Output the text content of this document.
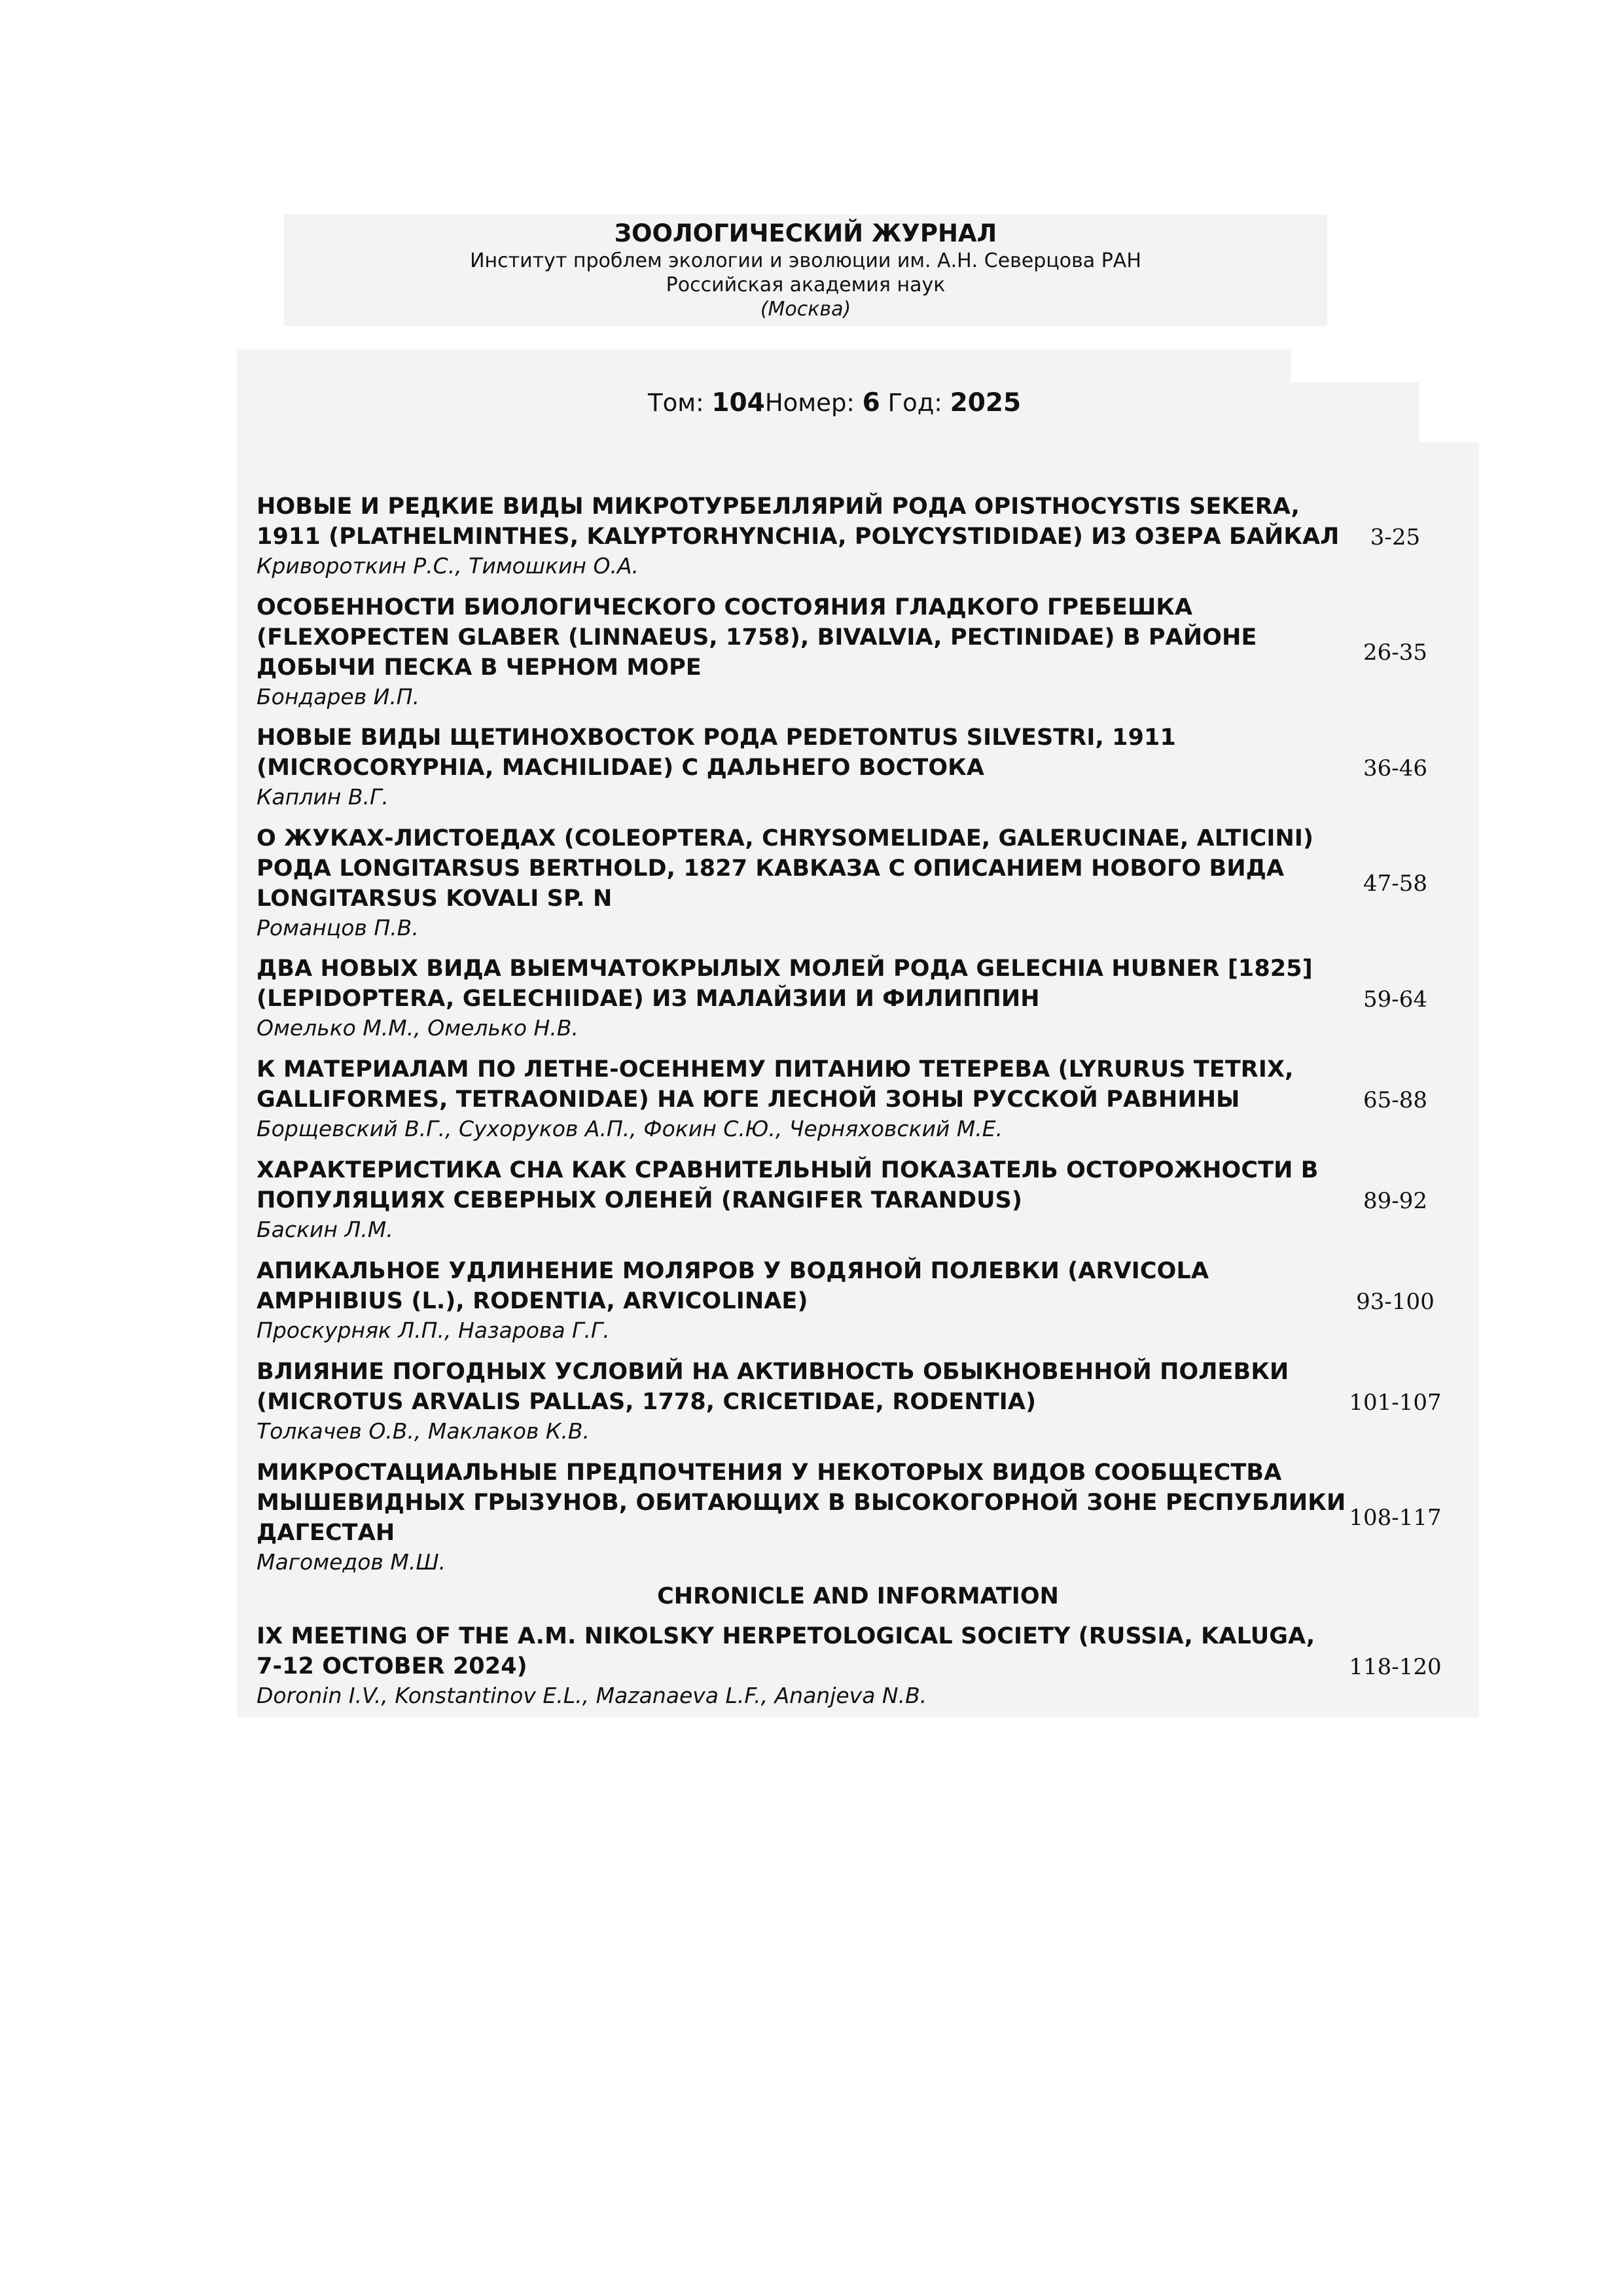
ЗООЛОГИЧЕСКИЙ ЖУРНАЛ
Институт проблем экологии и эволюции им. А.Н. Северцова РАН
Российская академия наук
(Москва)
Том: 104Номер: 6 Год: 2025
НОВЫЕ И РЕДКИЕ ВИДЫ МИКРОТУРБЕЛЛЯРИЙ РОДА OPISTHOCYSTIS SEKERA, 1911 (PLATHELMINTHES, KALYPTORHYNCHIA, POLYCYSTIDIDAE) ИЗ ОЗЕРА БАЙКАЛ
Кривороткин Р.С., Тимошкин О.А.
3-25
ОСОБЕННОСТИ БИОЛОГИЧЕСКОГО СОСТОЯНИЯ ГЛАДКОГО ГРЕБЕШКА (FLEXOPECTEN GLABER (LINNAEUS, 1758), BIVALVIA, PECTINIDAE) В РАЙОНЕ ДОБЫЧИ ПЕСКА В ЧЕРНОМ МОРЕ
Бондарев И.П.
26-35
НОВЫЕ ВИДЫ ЩЕТИНОХВОСТОК РОДА PEDETONTUS SILVESTRI, 1911 (MICROCORYPHIA, MACHILIDAE) С ДАЛЬНЕГО ВОСТОКА
Каплин В.Г.
36-46
О ЖУКАХ-ЛИСТОЕДАХ (COLEOPTERA, CHRYSOMELIDAE, GALERUCINAE, ALTICINI) РОДА LONGITARSUS BERTHOLD, 1827 КАВКАЗА С ОПИСАНИЕМ НОВОГО ВИДА LONGITARSUS KOVALI SP. N
Романцов П.В.
47-58
ДВА НОВЫХ ВИДА ВЫЕМЧАТОКРЫЛЫХ МОЛЕЙ РОДА GELECHIA HUBNER [1825] (LEPIDOPTERA, GELECHIIDAE) ИЗ МАЛАЙЗИИ И ФИЛИППИН
Омелько М.М., Омелько Н.В.
59-64
К МАТЕРИАЛАМ ПО ЛЕТНЕ-ОСЕННЕМУ ПИТАНИЮ ТЕТЕРЕВА (LYRURUS TETRIX, GALLIFORMES, TETRAONIDAE) НА ЮГЕ ЛЕСНОЙ ЗОНЫ РУССКОЙ РАВНИНЫ
Борщевский В.Г., Сухоруков А.П., Фокин С.Ю., Черняховский М.Е.
65-88
ХАРАКТЕРИСТИКА СНА КАК СРАВНИТЕЛЬНЫЙ ПОКАЗАТЕЛЬ ОСТОРОЖНОСТИ В ПОПУЛЯЦИЯХ СЕВЕРНЫХ ОЛЕНЕЙ (RANGIFER TARANDUS)
Баскин Л.М.
89-92
АПИКАЛЬНОЕ УДЛИНЕНИЕ МОЛЯРОВ У ВОДЯНОЙ ПОЛЕВКИ (ARVICOLA AMPHIBIUS (L.), RODENTIA, ARVICOLINAE)
Проскурняк Л.П., Назарова Г.Г.
93-100
ВЛИЯНИЕ ПОГОДНЫХ УСЛОВИЙ НА АКТИВНОСТЬ ОБЫКНОВЕННОЙ ПОЛЕВКИ (MICROTUS ARVALIS PALLAS, 1778, CRICETIDAE, RODENTIA)
Толкачев О.В., Маклаков К.В.
101-107
МИКРОСТАЦИАЛЬНЫЕ ПРЕДПОЧТЕНИЯ У НЕКОТОРЫХ ВИДОВ СООБЩЕСТВА МЫШЕВИДНЫХ ГРЫЗУНОВ, ОБИТАЮЩИХ В ВЫСОКОГОРНОЙ ЗОНЕ РЕСПУБЛИКИ ДАГЕСТАН
Магомедов М.Ш.
108-117
CHRONICLE AND INFORMATION
IX MEETING OF THE A.M. NIKOLSKY HERPETOLOGICAL SOCIETY (RUSSIA, KALUGA, 7-12 OCTOBER 2024)
Doronin I.V., Konstantinov E.L., Mazanaeva L.F., Ananjeva N.B.
118-120
